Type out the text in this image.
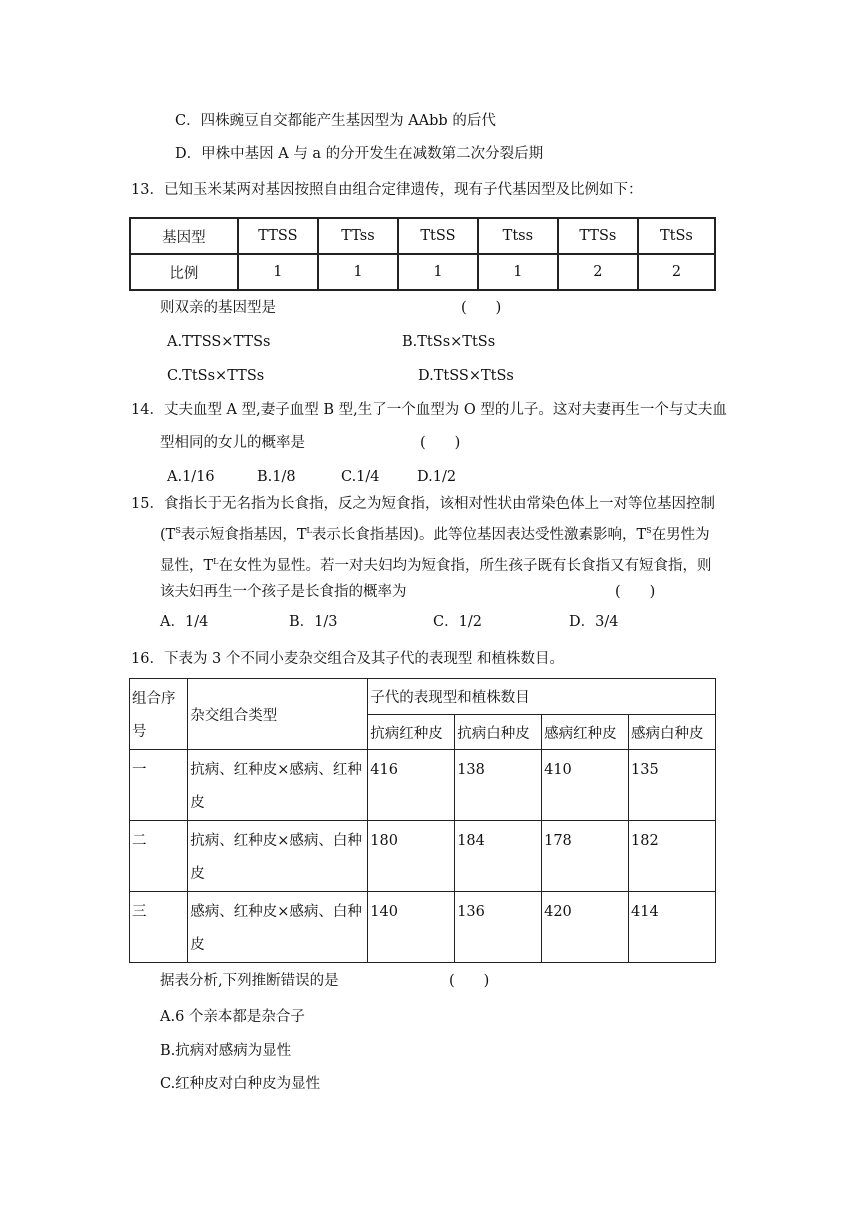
C．四株豌豆自交都能产生基因型为 AAbb 的后代
D．甲株中基因 A 与 a 的分开发生在减数第二次分裂后期
13．已知玉米某两对基因按照自由组合定律遗传，现有子代基因型及比例如下：
基因型	TTSS	TTss	TtSS	Ttss	TTSs	TtSs
比例	1	1	1	1	2	2
则双亲的基因型是	(　　)
A.TTSS×TTSs	B.TtSs×TtSs
C.TtSs×TTSs	D.TtSS×TtSs
14．丈夫血型 A 型,妻子血型 B 型,生了一个血型为 O 型的儿子。这对夫妻再生一个与丈夫血
型相同的女儿的概率是	(　　)
A.1/16	B.1/8	C.1/4	D.1/2
15．食指长于无名指为长食指，反之为短食指，该相对性状由常染色体上一对等位基因控制
($T^S$表示短食指基因，$T^L$表示长食指基因)。此等位基因表达受性激素影响，$T^S$在男性为
显性，$T^L$在女性为显性。若一对夫妇均为短食指，所生孩子既有长食指又有短食指，则
该夫妇再生一个孩子是长食指的概率为	(　　)
A．1/4	B．1/3	C．1/2	D．3/4
16．下表为 3 个不同小麦杂交组合及其子代的表现型 和植株数目。
组合序号	杂交组合类型	子代的表现型和植株数目			
		抗病红种皮	抗病白种皮	感病红种皮	感病白种皮
一	抗病、红种皮×感病、红种皮	416	138	410	135
二	抗病、红种皮×感病、白种皮	180	184	178	182
三	感病、红种皮×感病、白种皮	140	136	420	414
据表分析,下列推断错误的是	(　　)
A.6 个亲本都是杂合子
B.抗病对感病为显性
C.红种皮对白种皮为显性
